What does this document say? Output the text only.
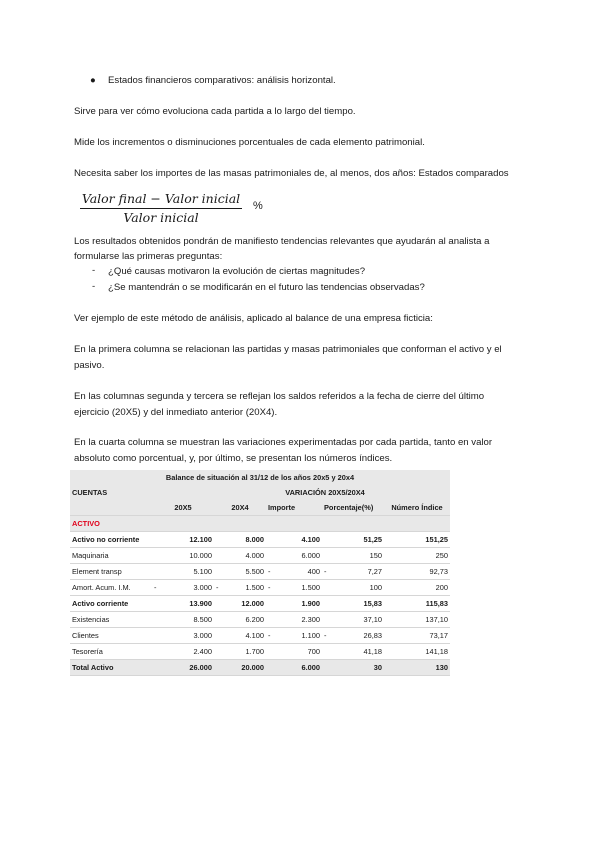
● Estados financieros comparativos: análisis horizontal.
Sirve para ver cómo evoluciona cada partida a lo largo del tiempo.
Mide los incrementos o disminuciones porcentuales de cada elemento patrimonial.
Necesita saber los importes de las masas patrimoniales de, al menos, dos años: Estados comparados
Valor final − Valor inicial
Valor inicial
%
Los resultados obtenidos pondrán de manifiesto tendencias relevantes que ayudarán al analista a
formularse las primeras preguntas:
- ¿Qué causas motivaron la evolución de ciertas magnitudes?
- ¿Se mantendrán o se modificarán en el futuro las tendencias observadas?
Ver ejemplo de este método de análisis, aplicado al balance de una empresa ficticia:
En la primera columna se relacionan las partidas y masas patrimoniales que conforman el activo y el
pasivo.
En las columnas segunda y tercera se reflejan los saldos referidos a la fecha de cierre del último
ejercicio (20X5) y del inmediato anterior (20X4).
En la cuarta columna se muestran las variaciones experimentadas por cada partida, tanto en valor
absoluto como porcentual, y, por último, se presentan los números índices.
Balance de situación al 31/12 de los años 20x5 y 20x4					
CUENTAS			VARIACIÓN 20X5/20X4		
	20X5	20X4	Importe	Porcentaje(%)	Número Índice
ACTIVO					
Activo no corriente	12.100	8.000	4.100	51,25	151,25
Maquinaria	10.000	4.000	6.000	150	250
Element transp	5.100	5.500	- 400	- 7,27	92,73
Amort. Acum. I.M.	- 3.000	- 1.500	- 1.500	100	200
Activo corriente	13.900	12.000	1.900	15,83	115,83
Existencias	8.500	6.200	2.300	37,10	137,10
Clientes	3.000	4.100	- 1.100	- 26,83	73,17
Tesorería	2.400	1.700	700	41,18	141,18
Total Activo	26.000	20.000	6.000	30	130
